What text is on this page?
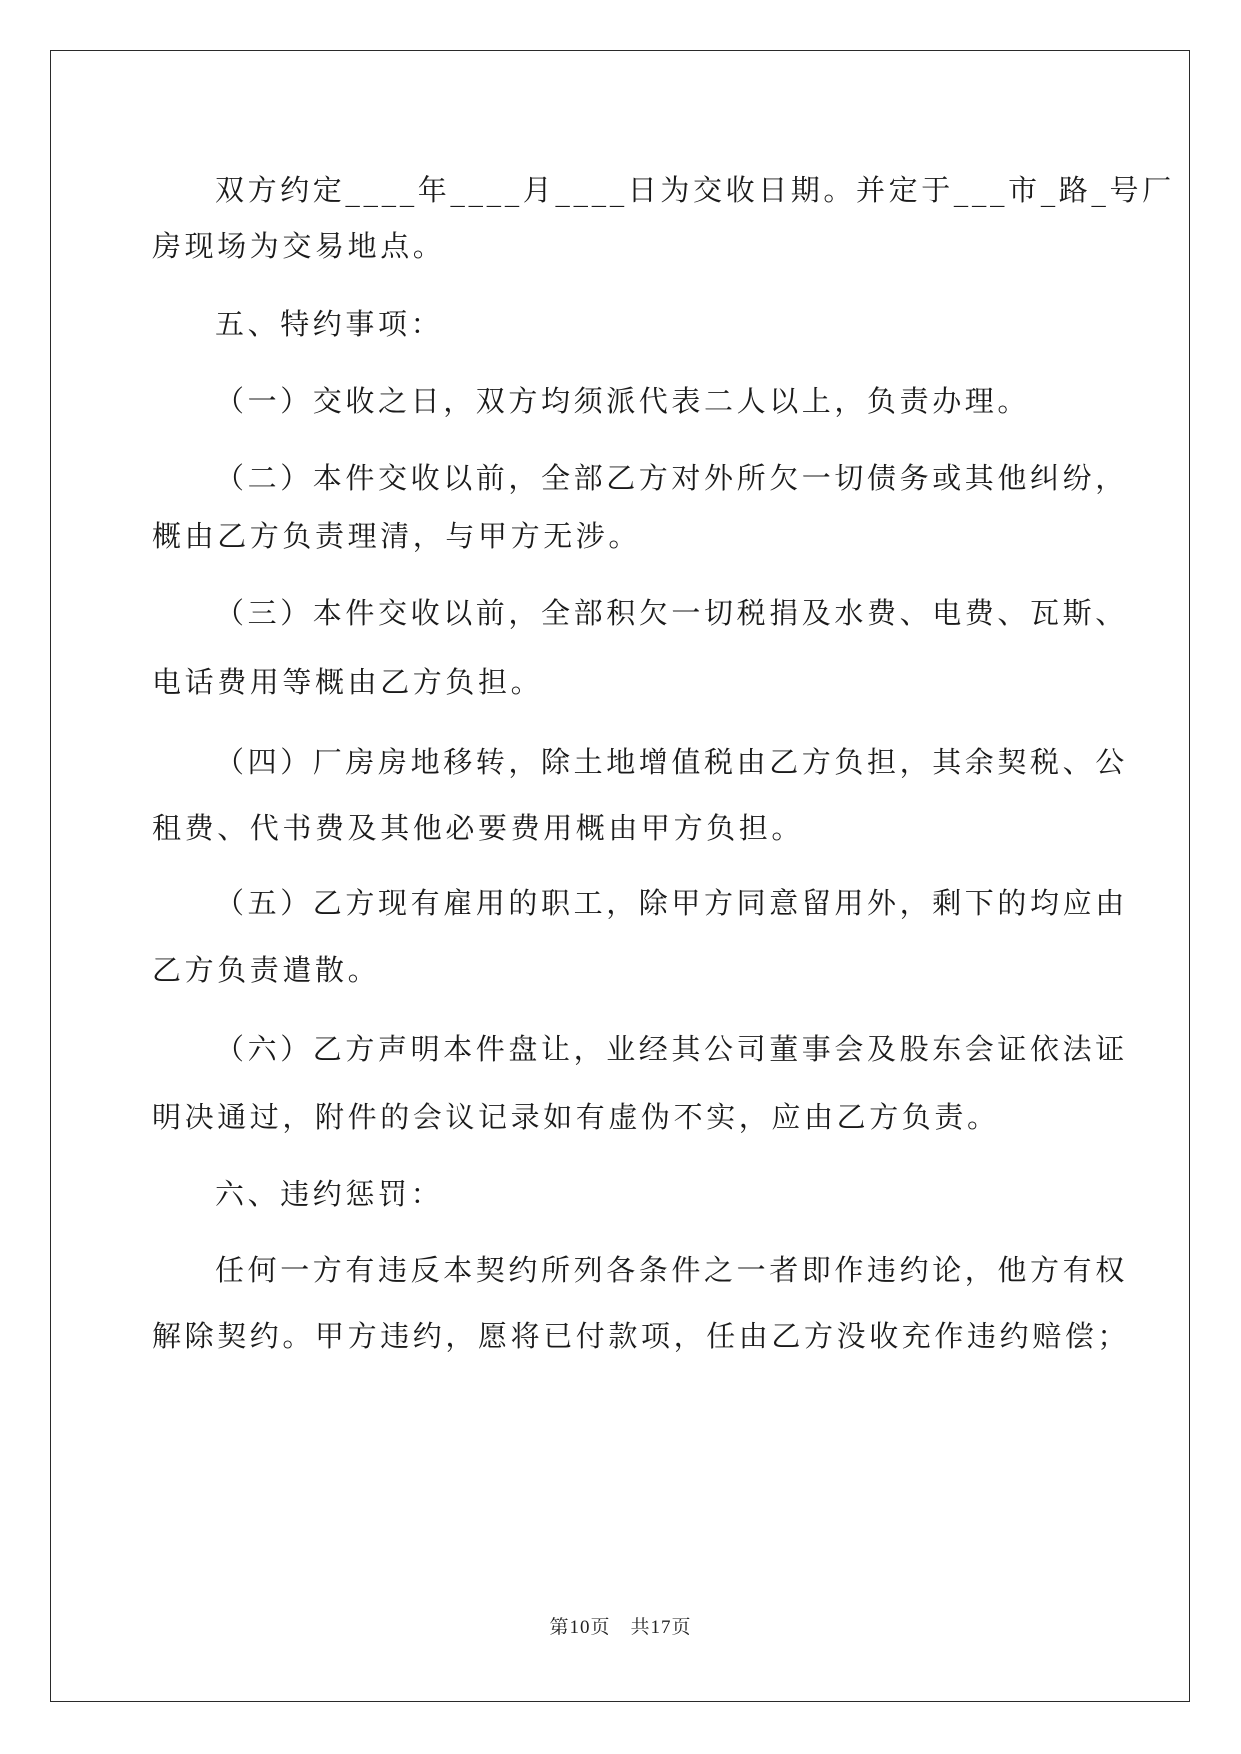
双方约定____年____月____日为交收日期。并定于___市_路_号厂
房现场为交易地点。
五、特约事项：
（一）交收之日，双方均须派代表二人以上，负责办理。
（二）本件交收以前，全部乙方对外所欠一切债务或其他纠纷，
概由乙方负责理清，与甲方无涉。
（三）本件交收以前，全部积欠一切税捐及水费、电费、瓦斯、
电话费用等概由乙方负担。
（四）厂房房地移转，除土地增值税由乙方负担，其余契税、公
租费、代书费及其他必要费用概由甲方负担。
（五）乙方现有雇用的职工，除甲方同意留用外，剩下的均应由
乙方负责遣散。
（六）乙方声明本件盘让，业经其公司董事会及股东会证依法证
明决通过，附件的会议记录如有虚伪不实，应由乙方负责。
六、违约惩罚：
任何一方有违反本契约所列各条件之一者即作违约论，他方有权
解除契约。甲方违约，愿将已付款项，任由乙方没收充作违约赔偿；
第10页　共17页
